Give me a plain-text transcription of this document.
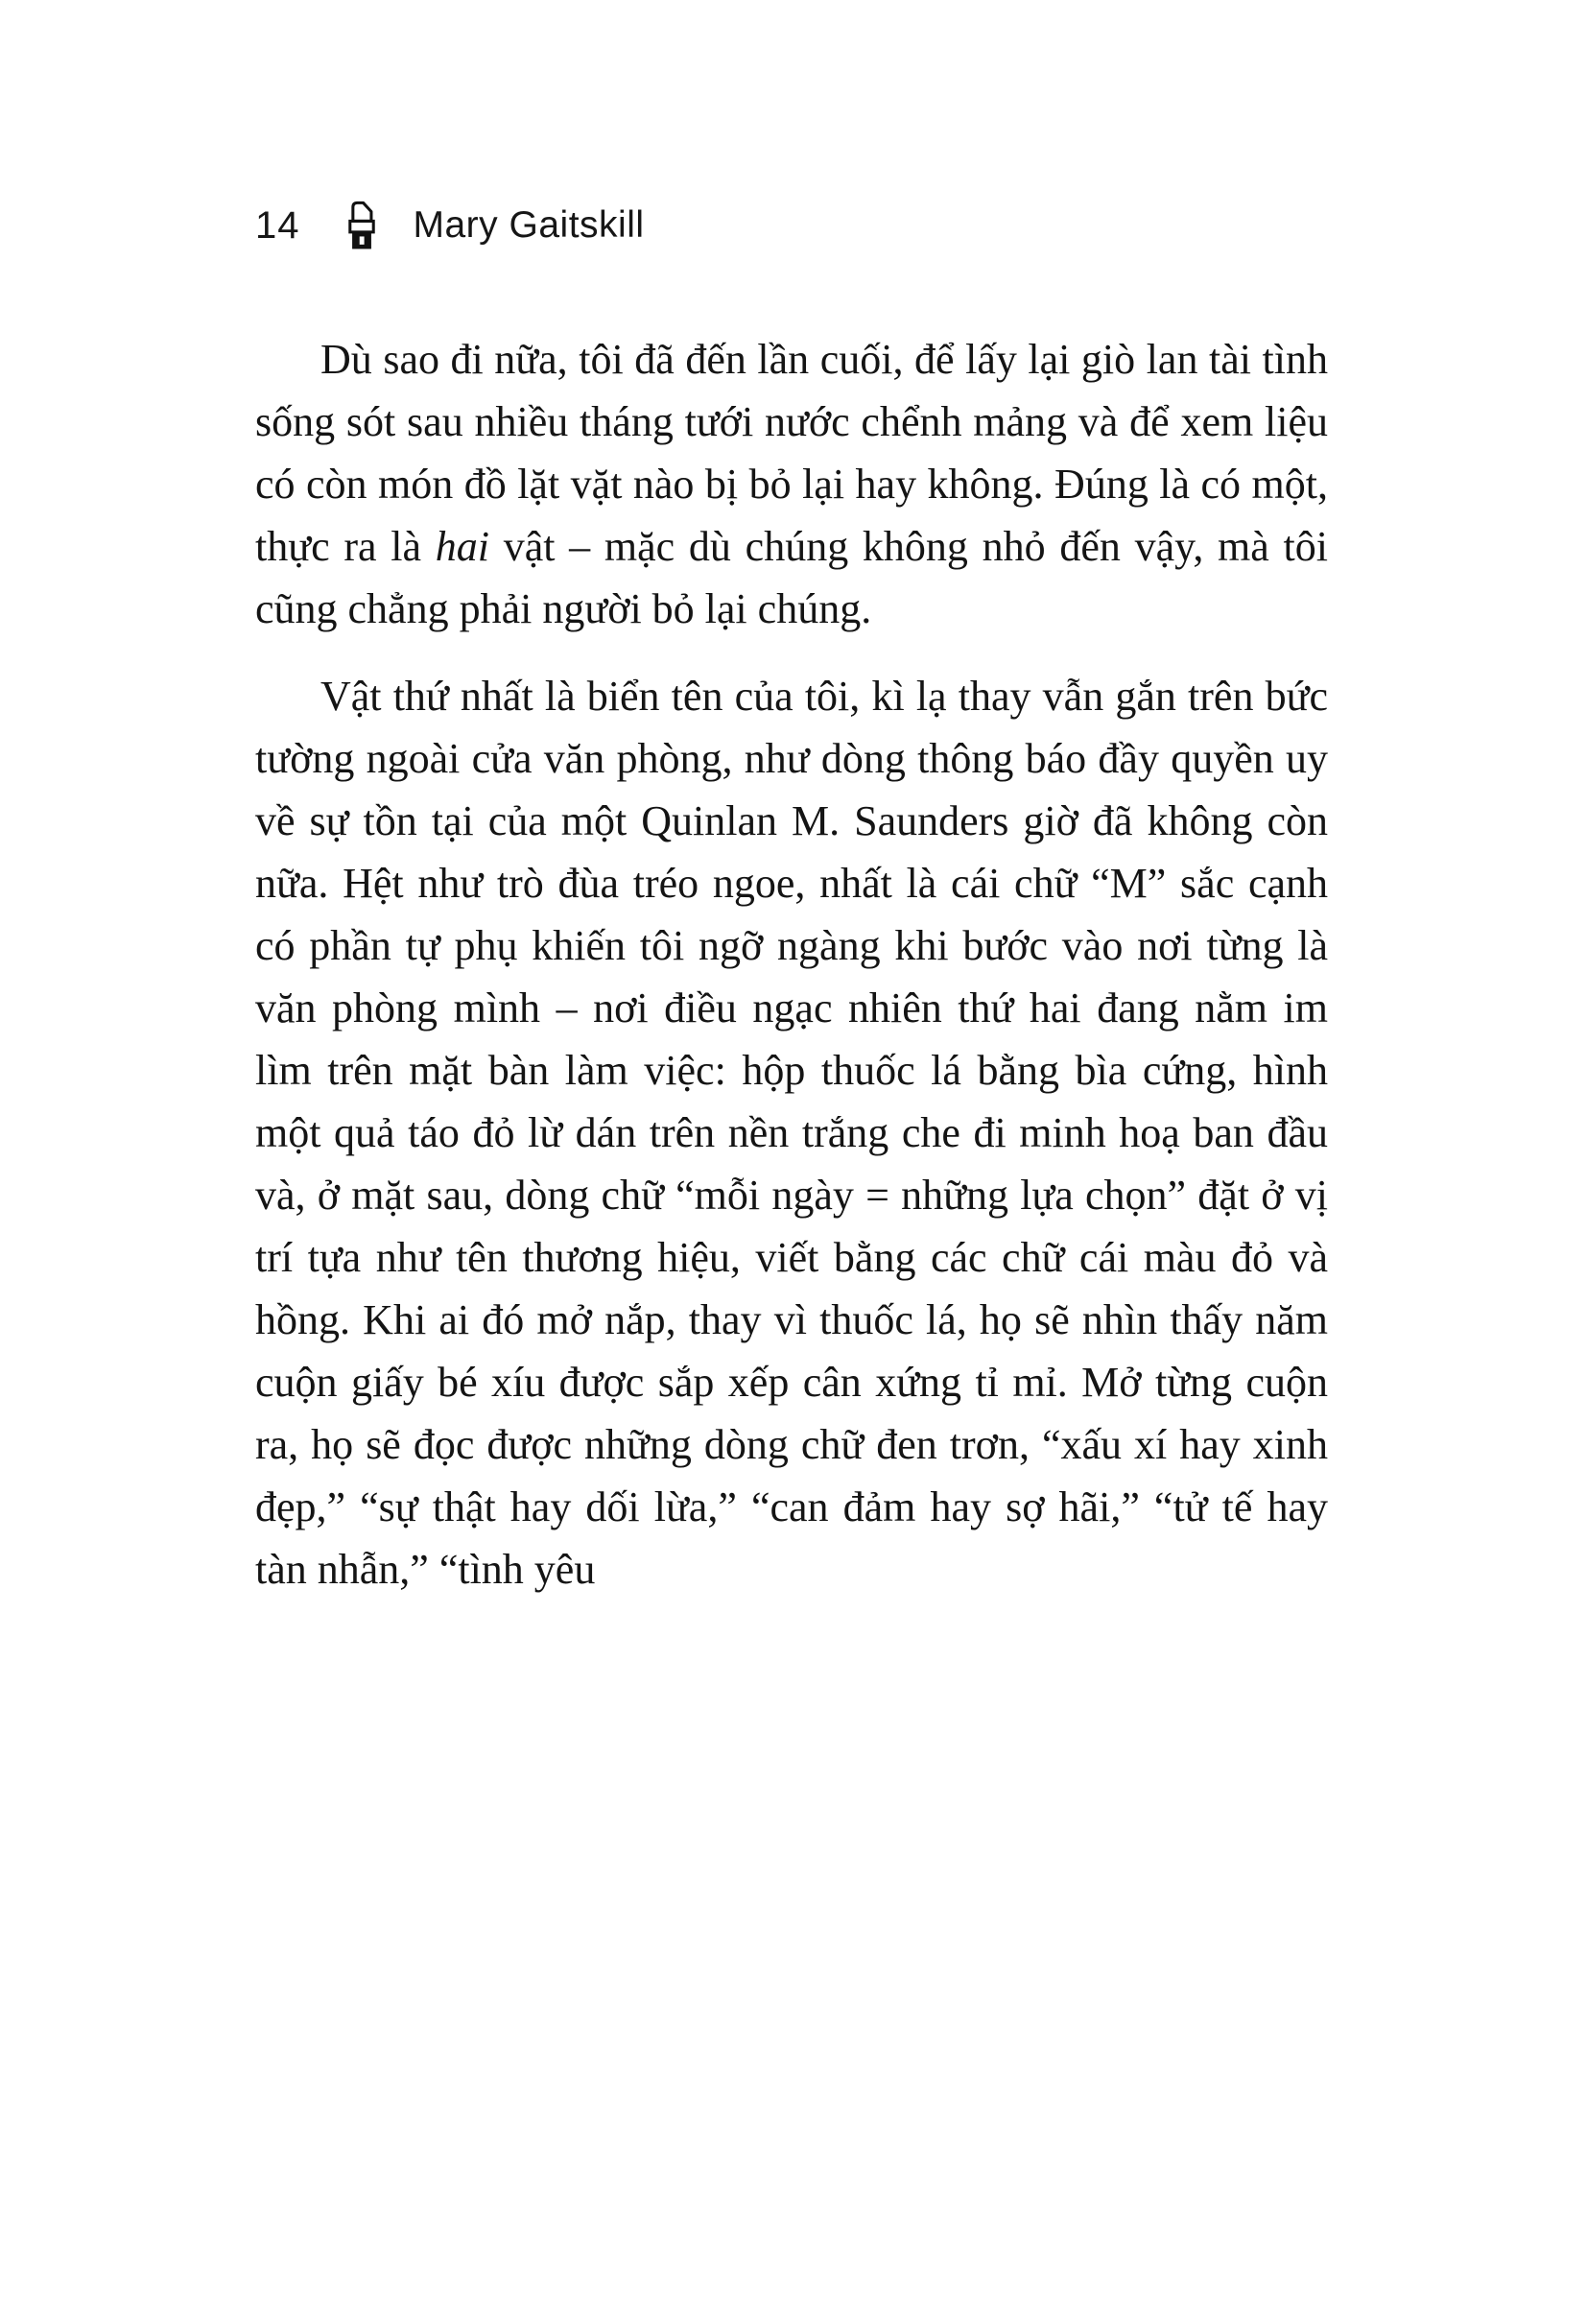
14	Mary Gaitskill

Dù sao đi nữa, tôi đã đến lần cuối, để lấy lại giò lan tài tình sống sót sau nhiều tháng tưới nước chểnh mảng và để xem liệu có còn món đồ lặt vặt nào bị bỏ lại hay không. Đúng là có một, thực ra là hai vật – mặc dù chúng không nhỏ đến vậy, mà tôi cũng chẳng phải người bỏ lại chúng.

Vật thứ nhất là biển tên của tôi, kì lạ thay vẫn gắn trên bức tường ngoài cửa văn phòng, như dòng thông báo đầy quyền uy về sự tồn tại của một Quinlan M. Saunders giờ đã không còn nữa. Hệt như trò đùa tréo ngoe, nhất là cái chữ “M” sắc cạnh có phần tự phụ khiến tôi ngỡ ngàng khi bước vào nơi từng là văn phòng mình – nơi điều ngạc nhiên thứ hai đang nằm im lìm trên mặt bàn làm việc: hộp thuốc lá bằng bìa cứng, hình một quả táo đỏ lừ dán trên nền trắng che đi minh hoạ ban đầu và, ở mặt sau, dòng chữ “mỗi ngày = những lựa chọn” đặt ở vị trí tựa như tên thương hiệu, viết bằng các chữ cái màu đỏ và hồng. Khi ai đó mở nắp, thay vì thuốc lá, họ sẽ nhìn thấy năm cuộn giấy bé xíu được sắp xếp cân xứng tỉ mỉ. Mở từng cuộn ra, họ sẽ đọc được những dòng chữ đen trơn, “xấu xí hay xinh đẹp,” “sự thật hay dối lừa,” “can đảm hay sợ hãi,” “tử tế hay tàn nhẫn,” “tình yêu
